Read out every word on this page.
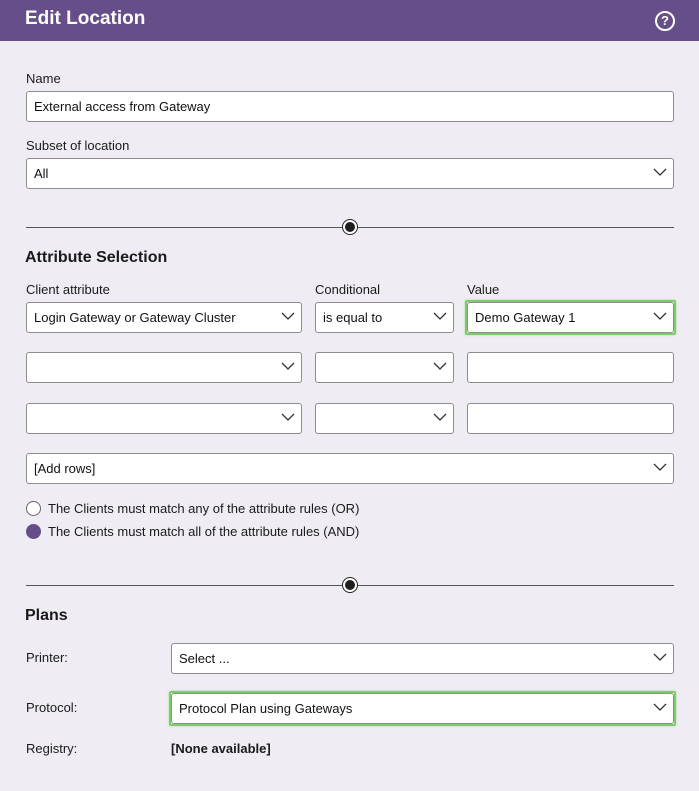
Edit Location	?
Name
External access from Gateway
Subset of location
All
Attribute Selection
Client attribute	Conditional	Value
Login Gateway or Gateway Cluster	is equal to	Demo Gateway 1
[Add rows]
The Clients must match any of the attribute rules (OR)
The Clients must match all of the attribute rules (AND)
Plans
Printer:	Select ...
Protocol:	Protocol Plan using Gateways
Registry:	[None available]
